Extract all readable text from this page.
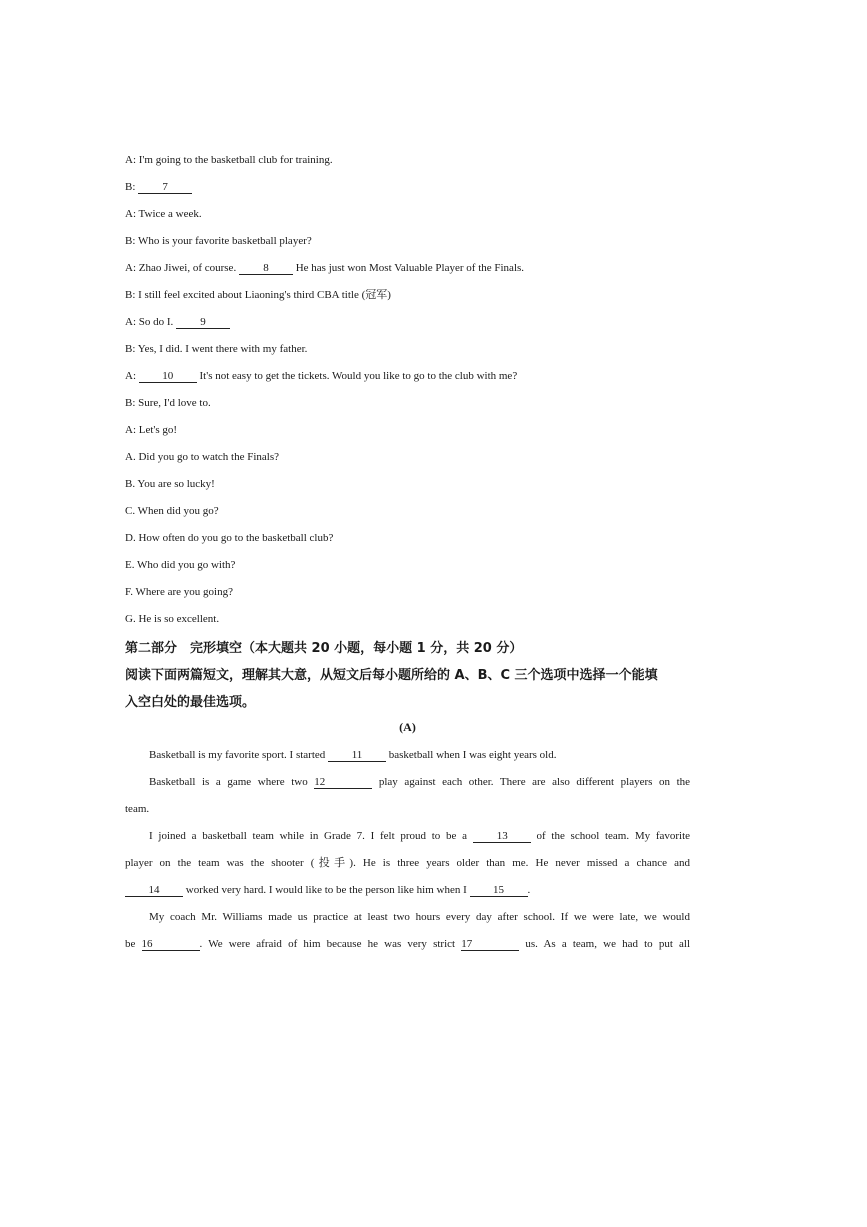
A: I'm going to the basketball club for training.
B: 7
A: Twice a week.
B: Who is your favorite basketball player?
A: Zhao Jiwei, of course. 8 He has just won Most Valuable Player of the Finals.
B: I still feel excited about Liaoning's third CBA title (冠军)
A: So do I. 9
B: Yes, I did. I went there with my father.
A: 10 It's not easy to get the tickets. Would you like to go to the club with me?
B: Sure, I'd love to.
A: Let's go!
A. Did you go to watch the Finals?
B. You are so lucky!
C. When did you go?
D. How often do you go to the basketball club?
E. Who did you go with?
F. Where are you going?
G. He is so excellent.
第二部分　完形填空（本大题共 20 小题，每小题 1 分，共 20 分）
阅读下面两篇短文，理解其大意，从短文后每小题所给的 A、B、C 三个选项中选择一个能填
入空白处的最佳选项。
(A)
Basketball is my favorite sport. I started 11 basketball when I was eight years old.
Basketball is a game where two 12	play against each other. There are also different players on the
team.
I joined a basketball team while in Grade 7. I felt proud to be a	13	of the school team. My favorite
player on the team was the shooter (投手). He is three years older than me. He never missed a chance and
14 worked very hard. I would like to be the person like him when I 15 .
My coach Mr. Williams made us practice at least two hours every day after school. If we were late, we would
be 16	. We were afraid of him because he was very strict 17	us. As a team, we had to put all
